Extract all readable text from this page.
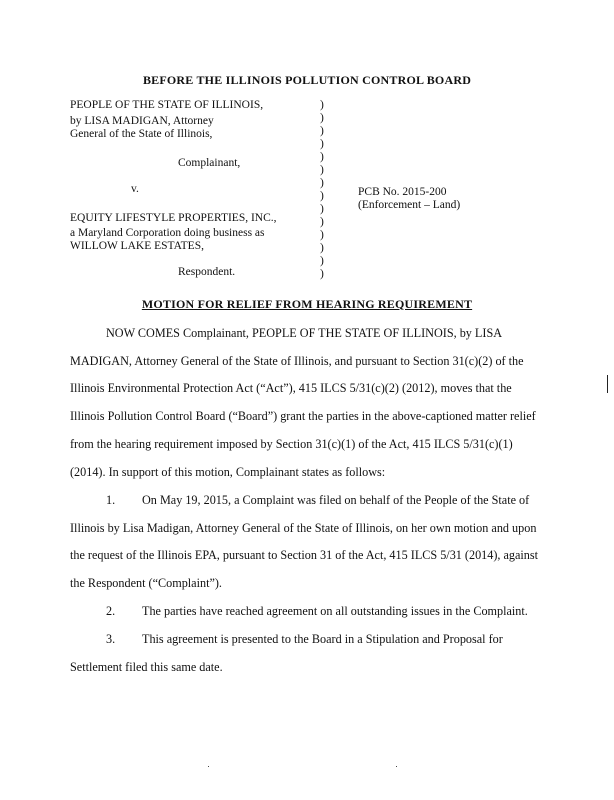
BEFORE THE ILLINOIS POLLUTION CONTROL BOARD
PEOPLE OF THE STATE OF ILLINOIS,
by LISA MADIGAN, Attorney
General of the State of Illinois,
Complainant,
v.	PCB No. 2015-200
(Enforcement – Land)
EQUITY LIFESTYLE PROPERTIES, INC.,
a Maryland Corporation doing business as
WILLOW LAKE ESTATES,
Respondent.
)
)
)
)
)
)
)
)
)
)
)
)
)
)
MOTION FOR RELIEF FROM HEARING REQUIREMENT
NOW COMES Complainant, PEOPLE OF THE STATE OF ILLINOIS, by LISA
MADIGAN, Attorney General of the State of Illinois, and pursuant to Section 31(c)(2) of the
Illinois Environmental Protection Act (“Act”), 415 ILCS 5/31(c)(2) (2012), moves that the
Illinois Pollution Control Board (“Board”) grant the parties in the above-captioned matter relief
from the hearing requirement imposed by Section 31(c)(1) of the Act, 415 ILCS 5/31(c)(1)
(2014). In support of this motion, Complainant states as follows:
1. On May 19, 2015, a Complaint was filed on behalf of the People of the State of
Illinois by Lisa Madigan, Attorney General of the State of Illinois, on her own motion and upon
the request of the Illinois EPA, pursuant to Section 31 of the Act, 415 ILCS 5/31 (2014), against
the Respondent (“Complaint”).
2. The parties have reached agreement on all outstanding issues in the Complaint.
3. This agreement is presented to the Board in a Stipulation and Proposal for
Settlement filed this same date.
